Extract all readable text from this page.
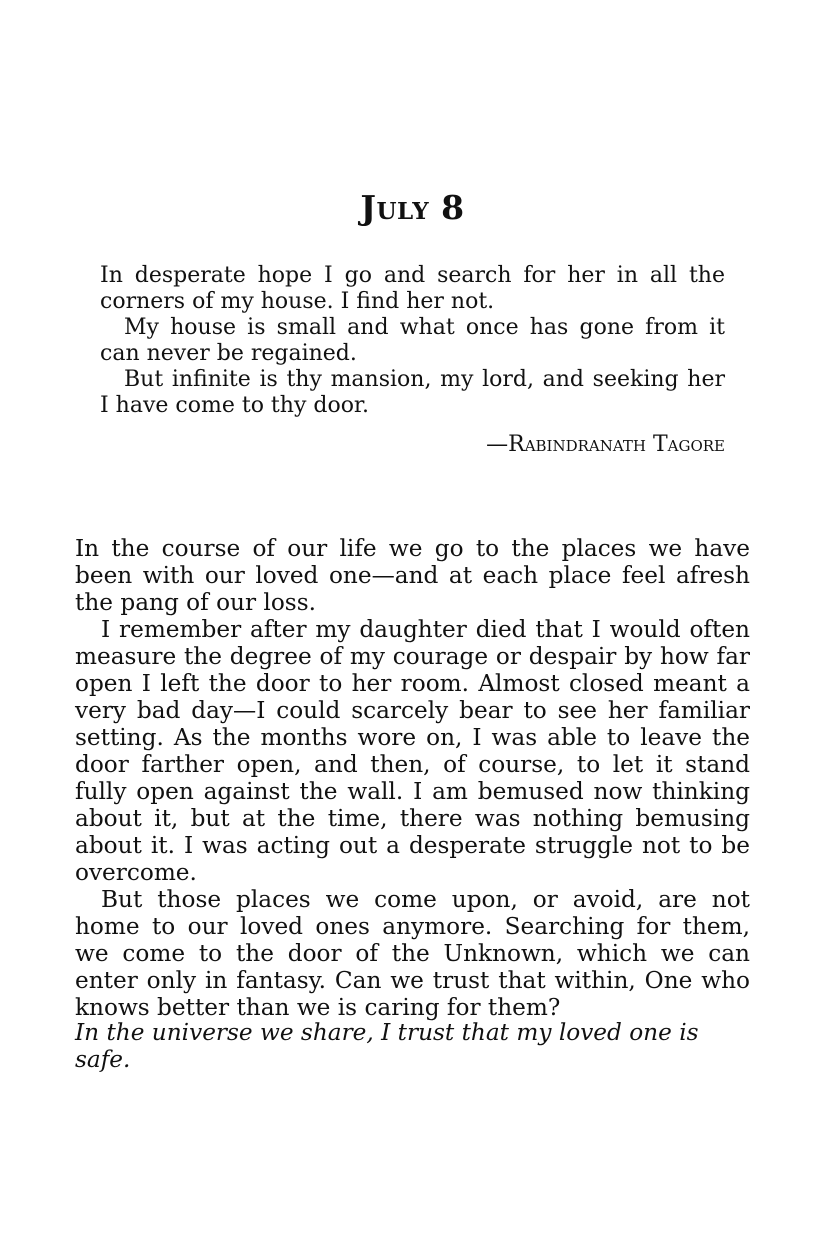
July 8

In desperate hope I go and search for her in all the corners of my house. I find her not.

My house is small and what once has gone from it can never be regained.

But infinite is thy mansion, my lord, and seeking her I have come to thy door.

—Rabindranath Tagore

In the course of our life we go to the places we have been with our loved one—and at each place feel afresh the pang of our loss.

I remember after my daughter died that I would often measure the degree of my courage or despair by how far open I left the door to her room. Almost closed meant a very bad day—I could scarcely bear to see her familiar setting. As the months wore on, I was able to leave the door farther open, and then, of course, to let it stand fully open against the wall. I am bemused now thinking about it, but at the time, there was nothing bemusing about it. I was acting out a desperate struggle not to be overcome.

But those places we come upon, or avoid, are not home to our loved ones anymore. Searching for them, we come to the door of the Unknown, which we can enter only in fantasy. Can we trust that within, One who knows better than we is caring for them?

In the universe we share, I trust that my loved one is safe.
